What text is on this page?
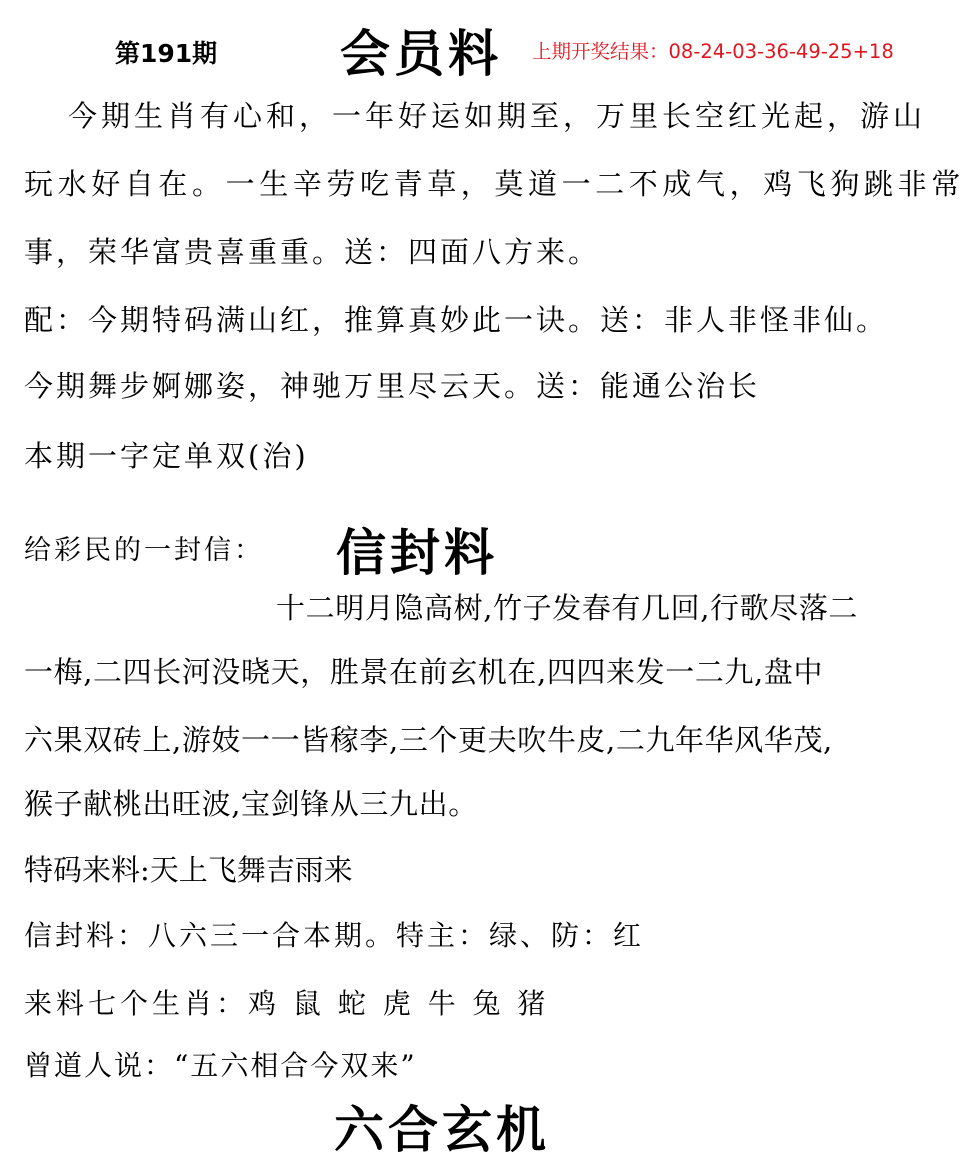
第191期 会员料 上期开奖结果：08-24-03-36-49-25+18
今期生肖有心和，一年好运如期至，万里长空红光起，游山
玩水好自在。一生辛劳吃青草，莫道一二不成气，鸡飞狗跳非常
事，荣华富贵喜重重。送：四面八方来。
配：今期特码满山红，推算真妙此一诀。送：非人非怪非仙。
今期舞步婀娜姿，神驰万里尽云天。送：能通公治长
本期一字定单双(治)
给彩民的一封信： 信封料
十二明月隐高树,竹子发春有几回,行歌尽落二
一梅,二四长河没晓天，胜景在前玄机在,四四来发一二九,盘中
六果双砖上,游妓一一皆稼李,三个更夫吹牛皮,二九年华风华茂,
猴子献桃出旺波,宝剑锋从三九出。
特码来料:天上飞舞吉雨来
信封料：八六三一合本期。特主：绿、防：红
来料七个生肖：鸡 鼠 蛇 虎 牛 兔 猪
曾道人说：“五六相合今双来”
六合玄机
